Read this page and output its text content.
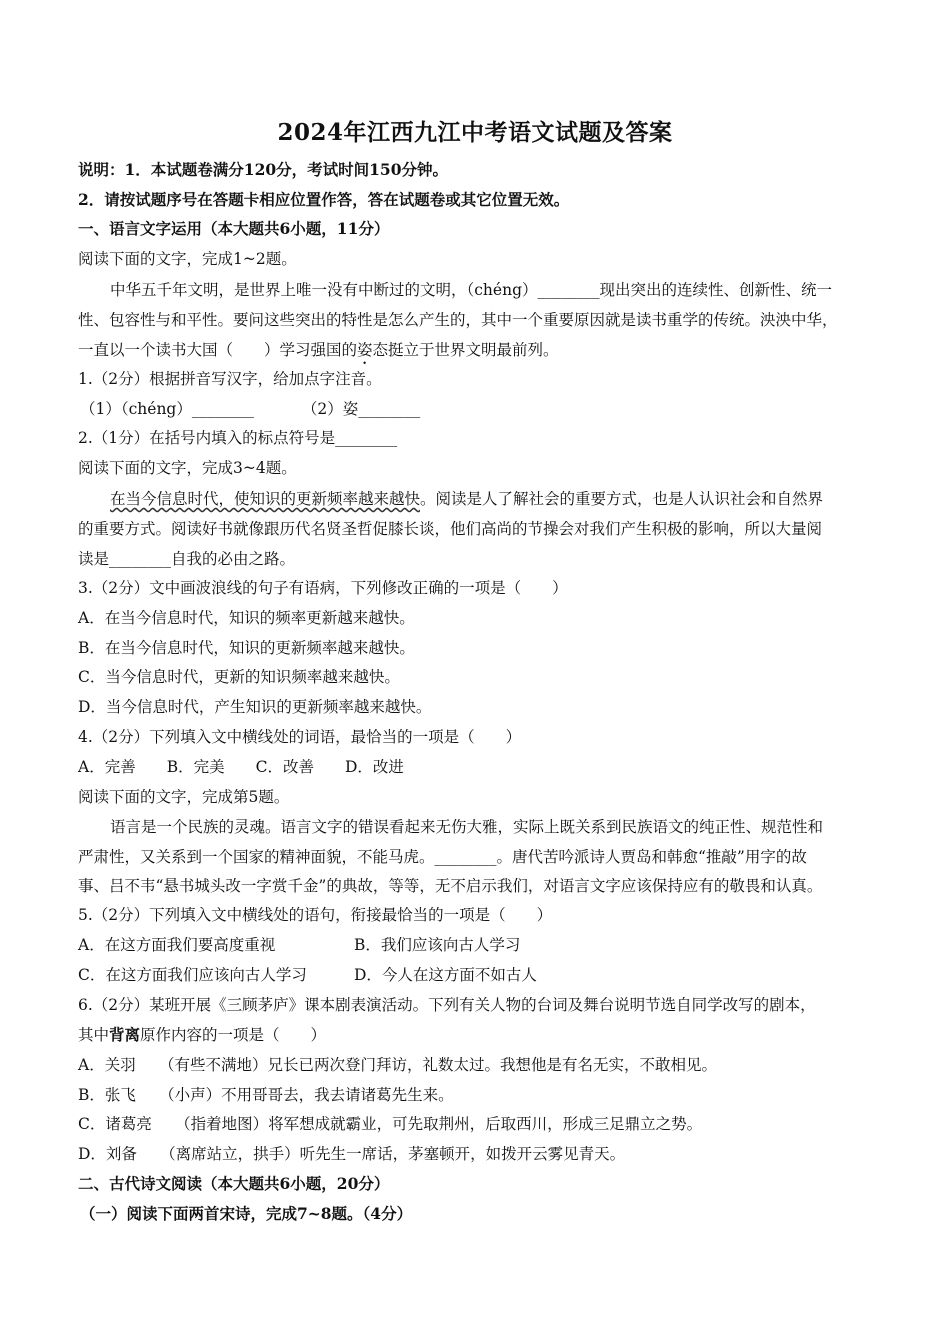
2024年江西九江中考语文试题及答案
说明：1．本试题卷满分120分，考试时间150分钟。
2．请按试题序号在答题卡相应位置作答，答在试题卷或其它位置无效。
一、语言文字运用（本大题共6小题，11分）
阅读下面的文字，完成1~2题。
中华五千年文明，是世界上唯一没有中断过的文明，（chéng）________现出突出的连续性、创新性、统一
性、包容性与和平性。要问这些突出的特性是怎么产生的，其中一个重要原因就是读书重学的传统。泱泱中华，
一直以一个读书大国（　　）学习强国的姿态挺立于世界文明最前列。
1.（2分）根据拼音写汉字，给加点字注音。
（1）（chéng）________	（2）姿________
2.（1分）在括号内填入的标点符号是________
阅读下面的文字，完成3~4题。
在当今信息时代，使知识的更新频率越来越快。阅读是人了解社会的重要方式，也是人认识社会和自然界
的重要方式。阅读好书就像跟历代名贤圣哲促膝长谈，他们高尚的节操会对我们产生积极的影响，所以大量阅
读是________自我的必由之路。
3.（2分）文中画波浪线的句子有语病，下列修改正确的一项是（　　）
A．在当今信息时代，知识的频率更新越来越快。
B．在当今信息时代，知识的更新频率越来越快。
C．当今信息时代，更新的知识频率越来越快。
D．当今信息时代，产生知识的更新频率越来越快。
4.（2分）下列填入文中横线处的词语，最恰当的一项是（　　）
A．完善　　B．完美　　C．改善　　D．改进
阅读下面的文字，完成第5题。
语言是一个民族的灵魂。语言文字的错误看起来无伤大雅，实际上既关系到民族语文的纯正性、规范性和
严肃性，又关系到一个国家的精神面貌，不能马虎。________。唐代苦吟派诗人贾岛和韩愈“推敲”用字的故
事、吕不韦“悬书城头改一字赏千金”的典故，等等，无不启示我们，对语言文字应该保持应有的敬畏和认真。
5.（2分）下列填入文中横线处的语句，衔接最恰当的一项是（　　）
A．在这方面我们要高度重视	B．我们应该向古人学习
C．在这方面我们应该向古人学习	D．今人在这方面不如古人
6.（2分）某班开展《三顾茅庐》课本剧表演活动。下列有关人物的台词及舞台说明节选自同学改写的剧本，
其中背离原作内容的一项是（　　）
A．关羽　　（有些不满地）兄长已两次登门拜访，礼数太过。我想他是有名无实，不敢相见。
B．张飞　　（小声）不用哥哥去，我去请诸葛先生来。
C．诸葛亮　　（指着地图）将军想成就霸业，可先取荆州，后取西川，形成三足鼎立之势。
D．刘备　　（离席站立，拱手）听先生一席话，茅塞顿开，如拨开云雾见青天。
二、古代诗文阅读（本大题共6小题，20分）
（一）阅读下面两首宋诗，完成7~8题。（4分）
